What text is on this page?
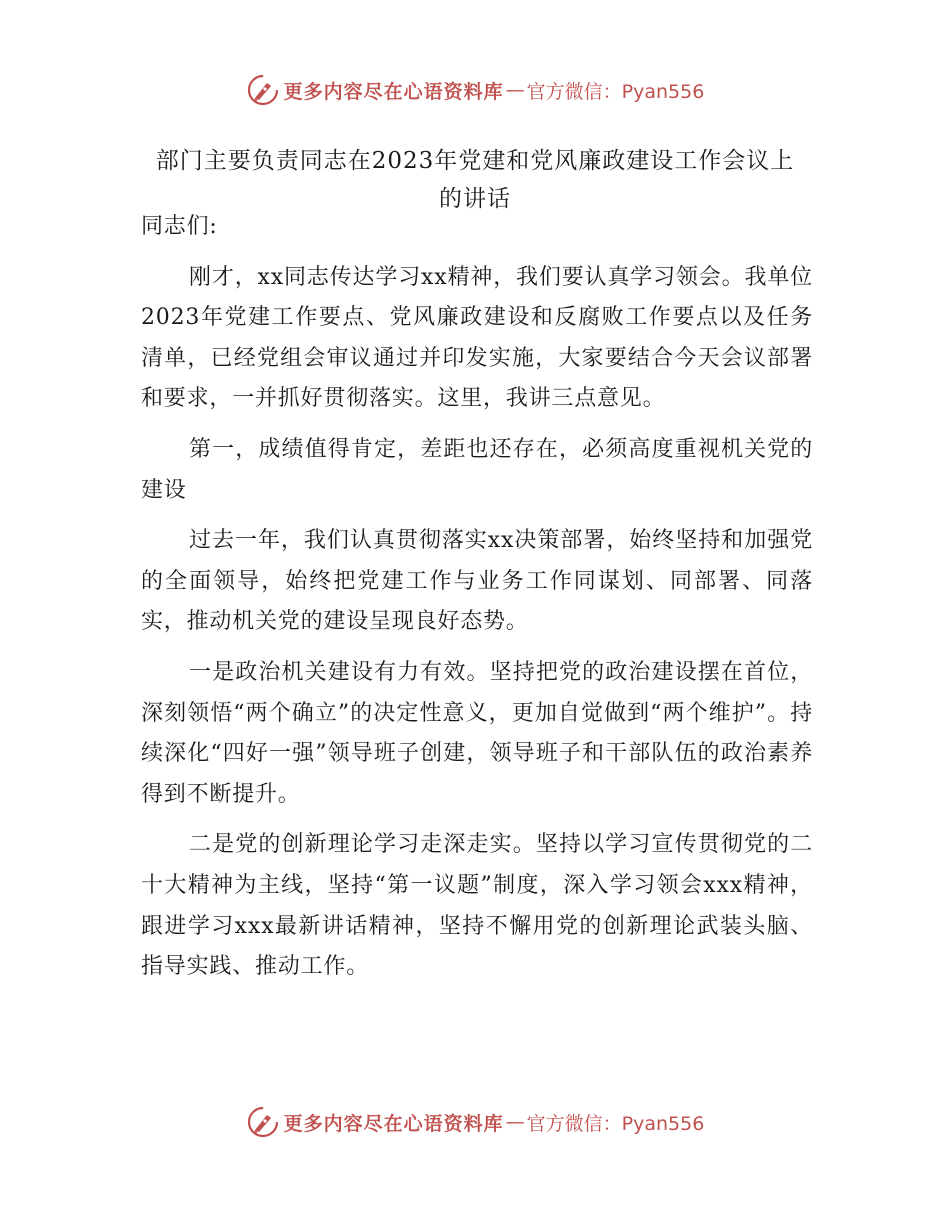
更多内容尽在心语资料库 — 官方微信：Pyan556
部门主要负责同志在2023年党建和党风廉政建设工作会议上
的讲话

同志们:

刚才，xx同志传达学习xx精神，我们要认真学习领会。我单位2023年党建工作要点、党风廉政建设和反腐败工作要点以及任务清单，已经党组会审议通过并印发实施，大家要结合今天会议部署和要求，一并抓好贯彻落实。这里，我讲三点意见。

第一，成绩值得肯定，差距也还存在，必须高度重视机关党的建设

过去一年，我们认真贯彻落实xx决策部署，始终坚持和加强党的全面领导，始终把党建工作与业务工作同谋划、同部署、同落实，推动机关党的建设呈现良好态势。

一是政治机关建设有力有效。坚持把党的政治建设摆在首位，深刻领悟“两个确立”的决定性意义，更加自觉做到“两个维护”。持续深化“四好一强”领导班子创建，领导班子和干部队伍的政治素养得到不断提升。

二是党的创新理论学习走深走实。坚持以学习宣传贯彻党的二十大精神为主线，坚持“第一议题”制度，深入学习领会xxx精神，跟进学习xxx最新讲话精神，坚持不懈用党的创新理论武装头脑、指导实践、推动工作。

更多内容尽在心语资料库 — 官方微信：Pyan556
